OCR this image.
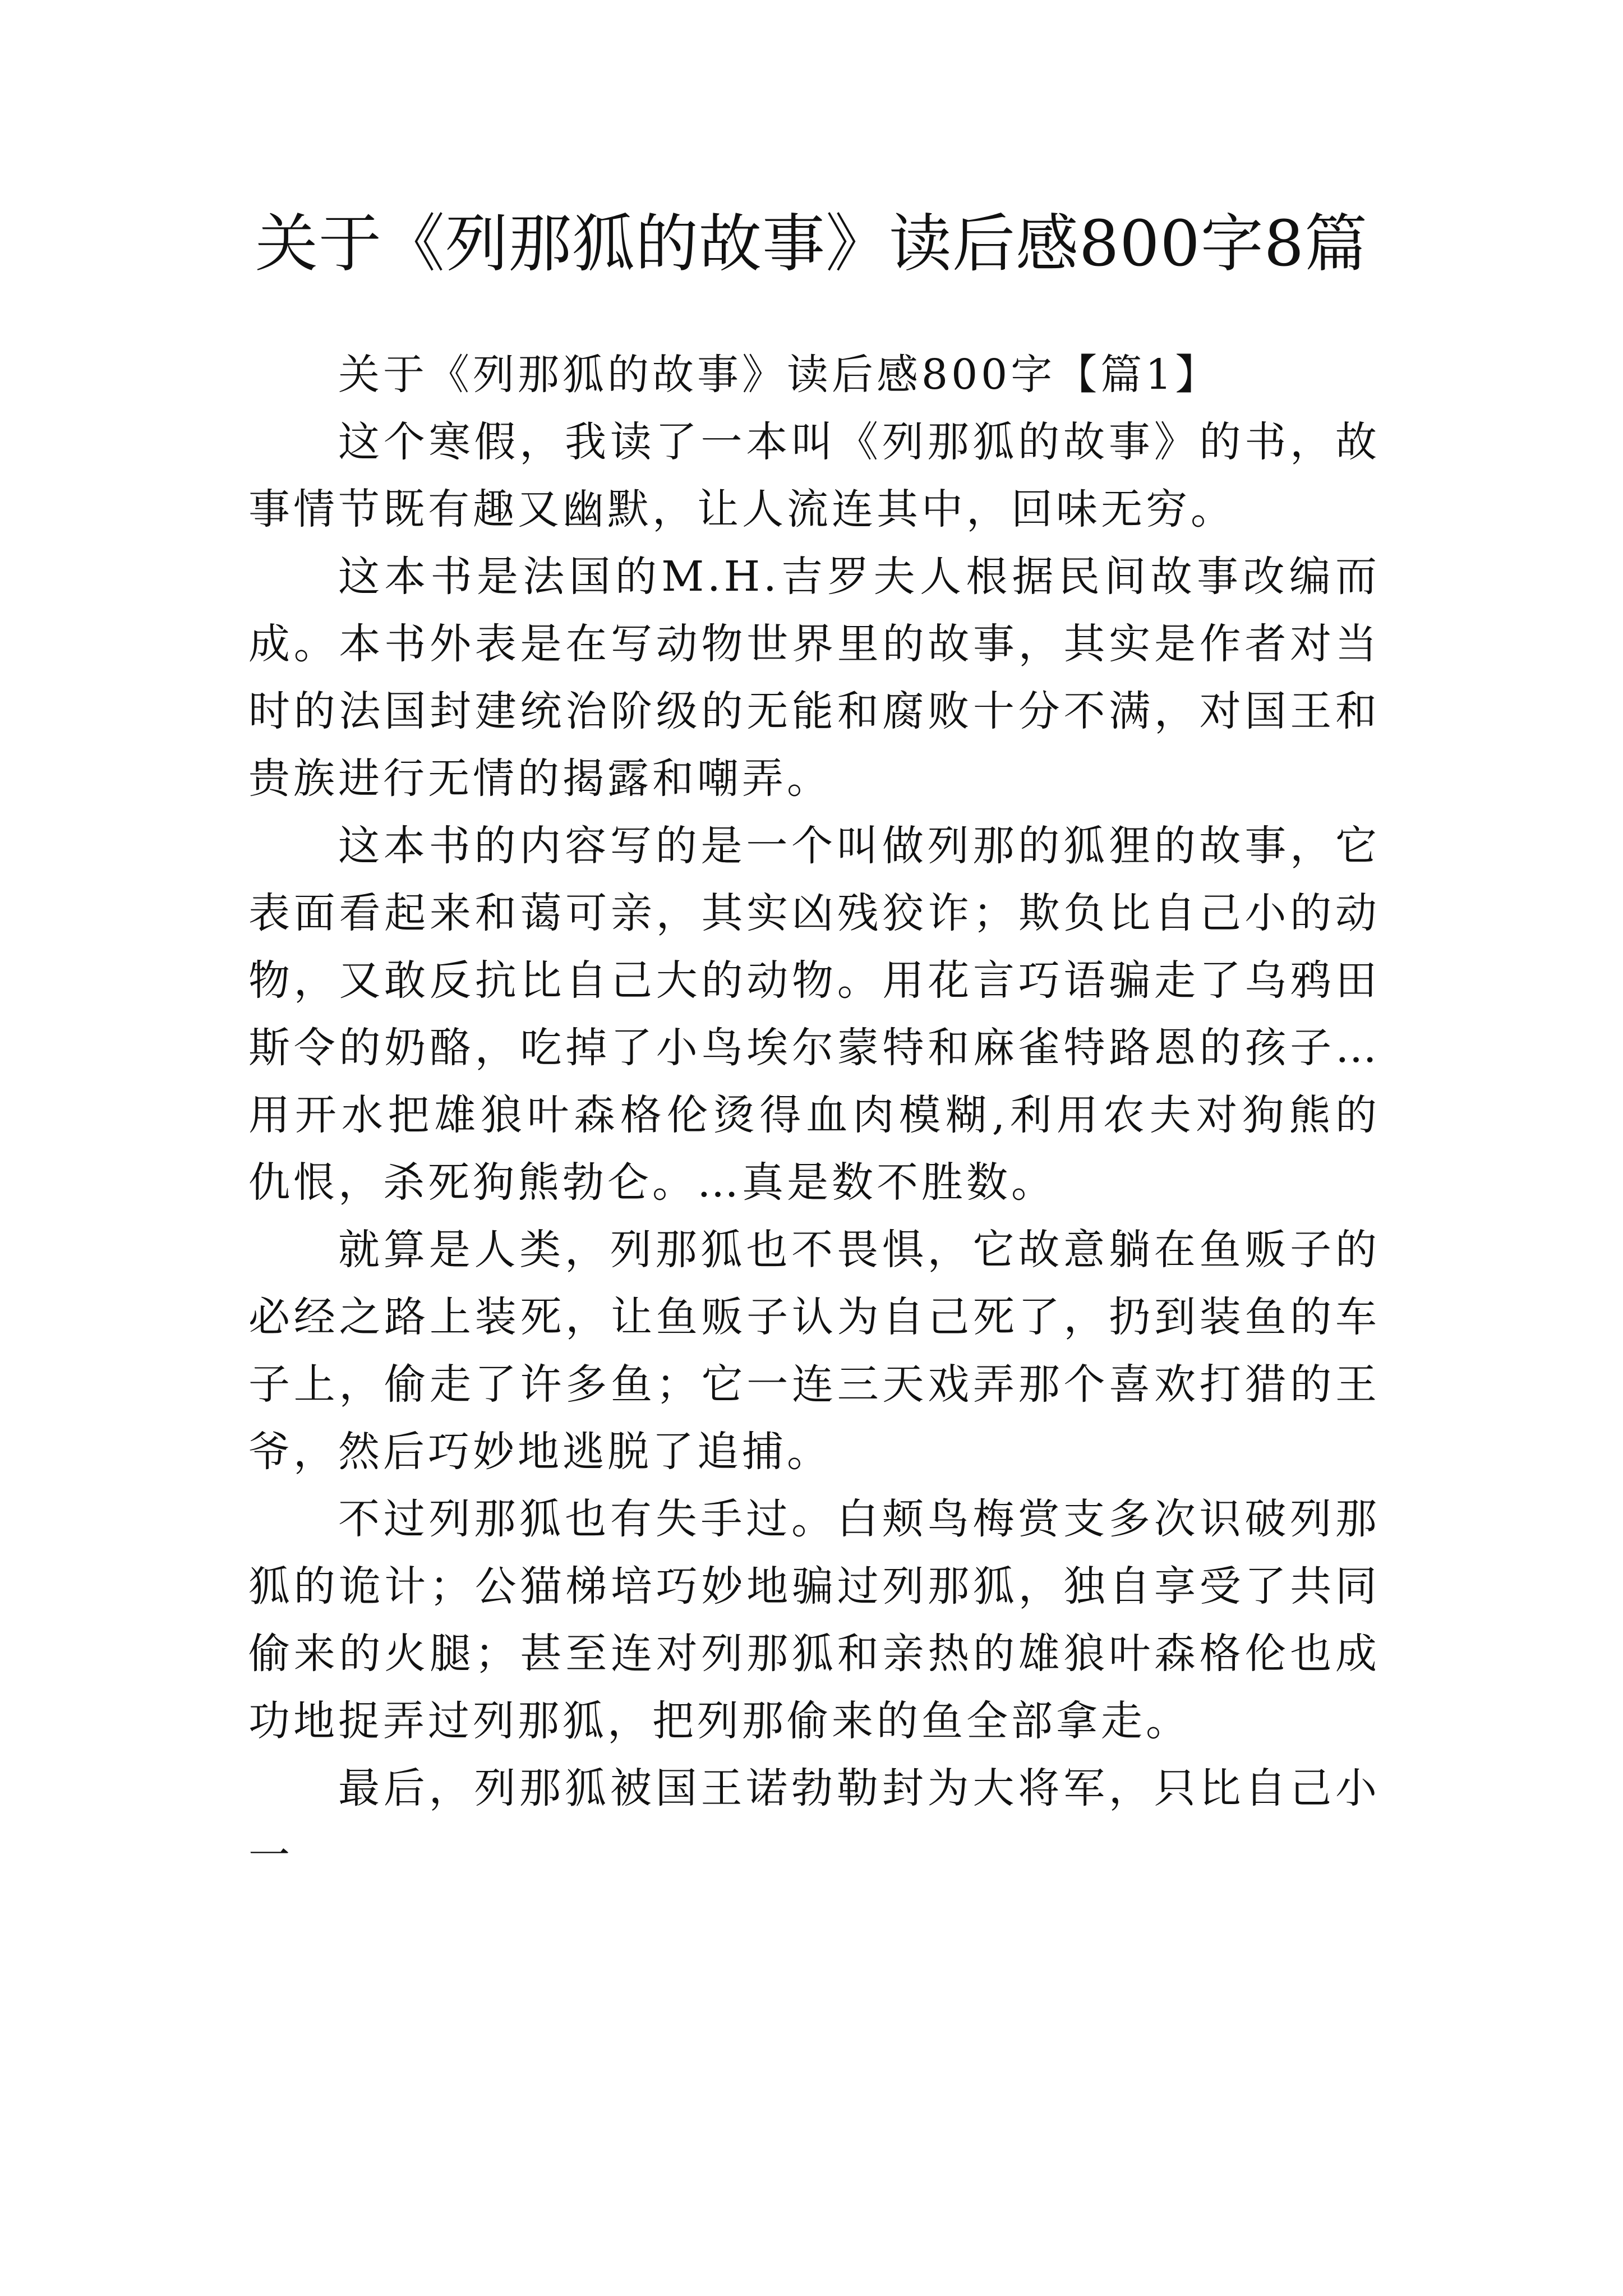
关于《列那狐的故事》读后感800字8篇

关于《列那狐的故事》读后感800字【篇1】

这个寒假，我读了一本叫《列那狐的故事》的书，故事情节既有趣又幽默，让人流连其中，回味无穷。

这本书是法国的M.H.吉罗夫人根据民间故事改编而成。本书外表是在写动物世界里的故事，其实是作者对当时的法国封建统治阶级的无能和腐败十分不满，对国王和贵族进行无情的揭露和嘲弄。

这本书的内容写的是一个叫做列那的狐狸的故事，它表面看起来和蔼可亲，其实凶残狡诈；欺负比自己小的动物，又敢反抗比自己大的动物。用花言巧语骗走了乌鸦田斯令的奶酪，吃掉了小鸟埃尔蒙特和麻雀特路恩的孩子…用开水把雄狼叶森格伦烫得血肉模糊,利用农夫对狗熊的仇恨，杀死狗熊勃仑。…真是数不胜数。

就算是人类，列那狐也不畏惧，它故意躺在鱼贩子的必经之路上装死，让鱼贩子认为自己死了，扔到装鱼的车子上，偷走了许多鱼；它一连三天戏弄那个喜欢打猎的王爷，然后巧妙地逃脱了追捕。

不过列那狐也有失手过。白颊鸟梅赏支多次识破列那狐的诡计；公猫梯培巧妙地骗过列那狐，独自享受了共同偷来的火腿；甚至连对列那狐和亲热的雄狼叶森格伦也成功地捉弄过列那狐，把列那偷来的鱼全部拿走。

最后，列那狐被国王诺勃勒封为大将军，只比自己小一
